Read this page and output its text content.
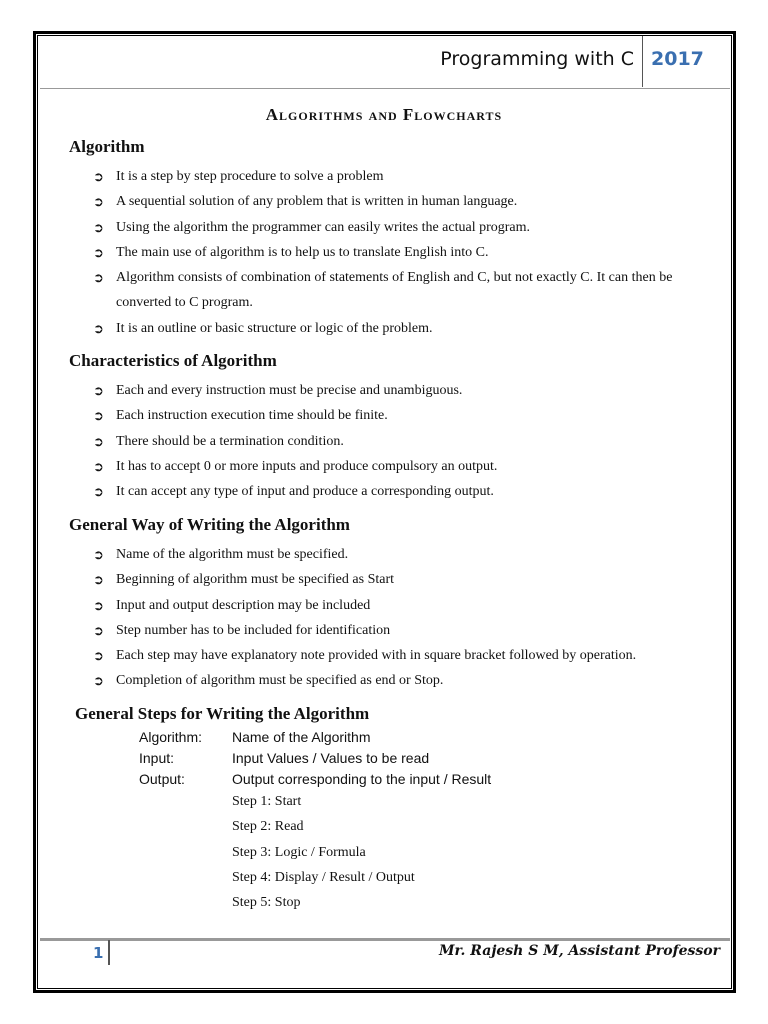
Programming with C 2017
Algorithms and Flowcharts
Algorithm
➲ It is a step by step procedure to solve a problem
➲ A sequential solution of any problem that is written in human language.
➲ Using the algorithm the programmer can easily writes the actual program.
➲ The main use of algorithm is to help us to translate English into C.
➲ Algorithm consists of combination of statements of English and C, but not exactly C. It can then be converted to C program.
➲ It is an outline or basic structure or logic of the problem.
Characteristics of Algorithm
➲ Each and every instruction must be precise and unambiguous.
➲ Each instruction execution time should be finite.
➲ There should be a termination condition.
➲ It has to accept 0 or more inputs and produce compulsory an output.
➲ It can accept any type of input and produce a corresponding output.
General Way of Writing the Algorithm
➲ Name of the algorithm must be specified.
➲ Beginning of algorithm must be specified as Start
➲ Input and output description may be included
➲ Step number has to be included for identification
➲ Each step may have explanatory note provided with in square bracket followed by operation.
➲ Completion of algorithm must be specified as end or Stop.
General Steps for Writing the Algorithm
Algorithm:	Name of the Algorithm
Input:	Input Values / Values to be read
Output:	Output corresponding to the input / Result
Step 1: Start
Step 2: Read
Step 3: Logic / Formula
Step 4: Display / Result / Output
Step 5: Stop
1	Mr. Rajesh S M, Assistant Professor
